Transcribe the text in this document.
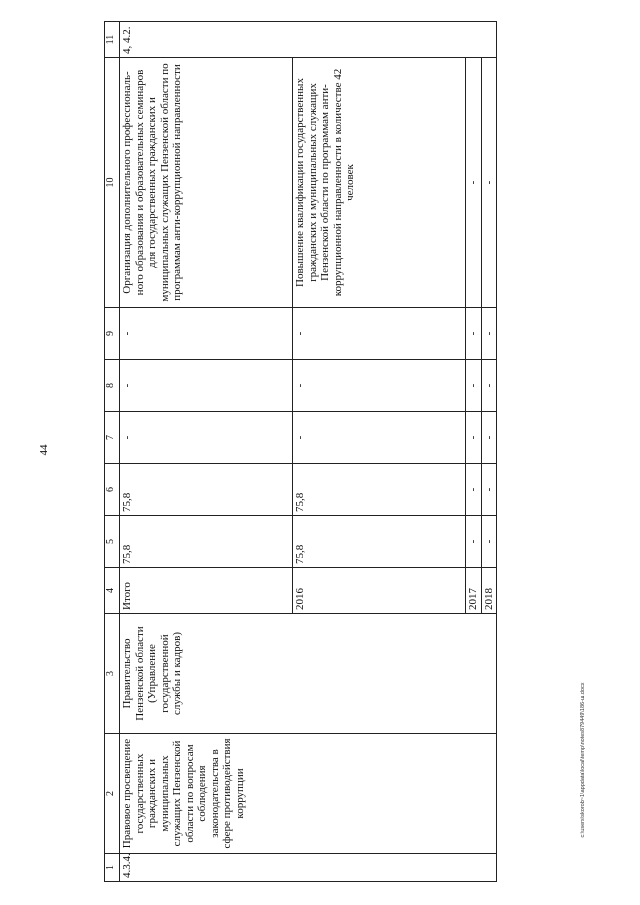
44
1	2	3	4	5	6	7	8	9	10	11
4.3.4.	Правовое просвещение государственных гражданских и муниципальных служащих Пензенской области по вопросам соблюдения законодательства в сфере противодействия коррупции	Правительство Пензенской области (Управление государственной службы и кадров)	Итого	75,8	75,8	-	-	-	Организация дополнительного профессиональ-ного образования и образовательных семинаров для государственных гражданских и муниципальных служащих Пензенской области по программам анти-коррупционной направленности	4, 4.2.
			2016	75,8	75,8	-	-	-	Повышение квалификации государственных гражданских и муниципальных служащих Пензенской области по программам анти-коррупционной направленности в количестве 42 человек	
			2017	-	-	-	-	-	-	
			2018	-	-	-	-	-	-	
c:\users\skorob~1\appdata\local\temp\notes879449\186-ш.docx
